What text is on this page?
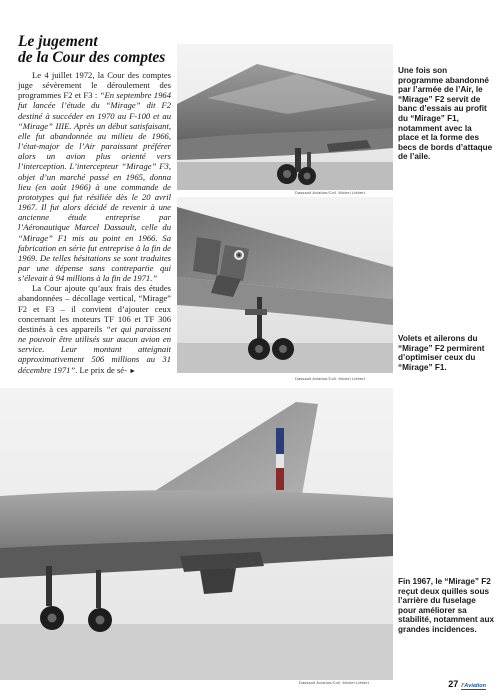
Le jugement
de la Cour des comptes

Le 4 juillet 1972, la Cour des comptes juge sévèrement le déroulement des programmes F2 et F3 : “En septembre 1964 fut lancée l’étude du “Mirage” dit F2 destiné à succéder en 1970 au F-100 et au “Mirage” IIIE. Après un début satisfaisant, elle fut abandonnée au milieu de 1966, l’état-major de l’Air paraissant préférer alors un avion plus orienté vers l’interception. L’intercepteur “Mirage” F3, objet d’un marché passé en 1965, donna lieu (en août 1966) à une commande de prototypes qui fut résiliée dès le 20 avril 1967. Il fut alors décidé de revenir à une ancienne étude entreprise par l’Aéronautique Marcel Dassault, celle du “Mirage” F1 mis au point en 1966. Sa fabrication en série fut entreprise à la fin de 1969. De telles hésitations se sont traduites par une dépense sans contrepartie qui s’élevait à 94 millions à la fin de 1971.”

La Cour ajoute qu’aux frais des études abandonnées – décollage vertical, “Mirage” F2 et F3 – il convient d’ajouter ceux concernant les moteurs TF 106 et TF 306 destinés à ces appareils “et qui paraissent ne pouvoir être utilisés sur aucun avion en service. Leur montant atteignait approximativement 506 millions au 31 décembre 1971”. Le prix de sé- ►

Dassault Aviation/Coll. Michel Liébert

Une fois son programme abandonné par l’armée de l’Air, le “Mirage” F2 servit de banc d’essais au profit du “Mirage” F1, notamment avec la place et la forme des becs de bords d’attaque de l’aile.

Dassault Aviation/Coll. Michel Liébert

Volets et ailerons du “Mirage” F2 permirent d’optimiser ceux du “Mirage” F1.

Dassault Aviation/Coll. Michel Liébert

Fin 1967, le “Mirage” F2 reçut deux quilles sous l’arrière du fuselage pour améliorer sa stabilité, notamment aux grandes incidences.

27 l’Aviation
